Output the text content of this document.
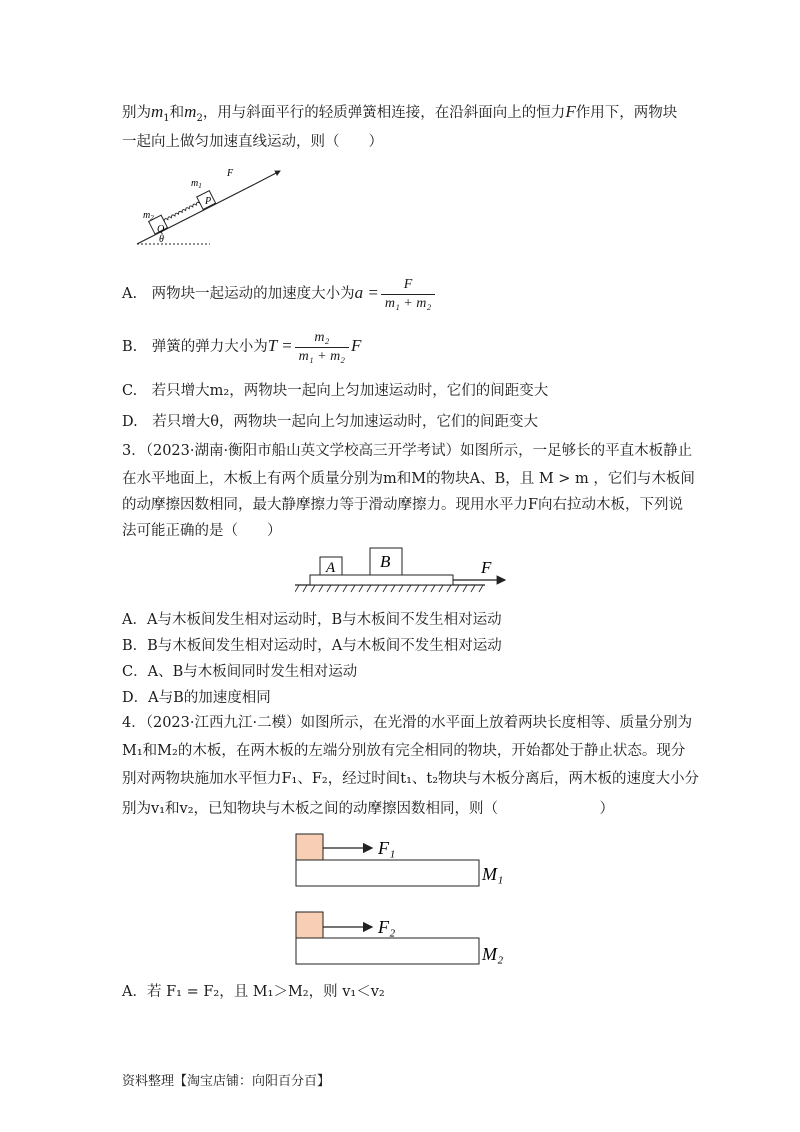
别为$m_1$和$m_2$，用与斜面平行的轻质弹簧相连接，在沿斜面向上的恒力F作用下，两物块
一起向上做匀加速直线运动，则（　　）
Q
P
$m_2$
$m_1$
F
θ
A.　两物块一起运动的加速度大小为$a = \frac{F}{\text{m₁ + m₂}}$
B.　弹簧的弹力大小为$T = \frac{\text{m₂}}{\text{m₁ + m₂}}$ F
C.　若只增大m₂，两物块一起向上匀加速运动时，它们的间距变大
D.　若只增大θ，两物块一起向上匀加速运动时，它们的间距变大
3．（2023·湖南·衡阳市船山英文学校高三开学考试）如图所示，一足够长的平直木板静止
在水平地面上，木板上有两个质量分别为m和M的物块A、B，且 M > m ，它们与木板间
的动摩擦因数相同，最大静摩擦力等于滑动摩擦力。现用水平力F向右拉动木板，下列说
法可能正确的是（　　）
A	B	F
A．A与木板间发生相对运动时，B与木板间不发生相对运动
B．B与木板间发生相对运动时，A与木板间不发生相对运动
C．A、B与木板间同时发生相对运动
D．A与B的加速度相同
4．（2023·江西九江·二模）如图所示，在光滑的水平面上放着两块长度相等、质量分别为
M₁和M₂的木板，在两木板的左端分别放有完全相同的物块，开始都处于静止状态。现分
别对两物块施加水平恒力F₁、F₂，经过时间t₁、t₂物块与木板分离后，两木板的速度大小分
别为v₁和v₂，已知物块与木板之间的动摩擦因数相同，则（　　　　　　　）
F₁
M₁
F₂
M₂
A．若 F₁ = F₂，且 M₁＞M₂，则 v₁＜v₂
资料整理【淘宝店铺：向阳百分百】
